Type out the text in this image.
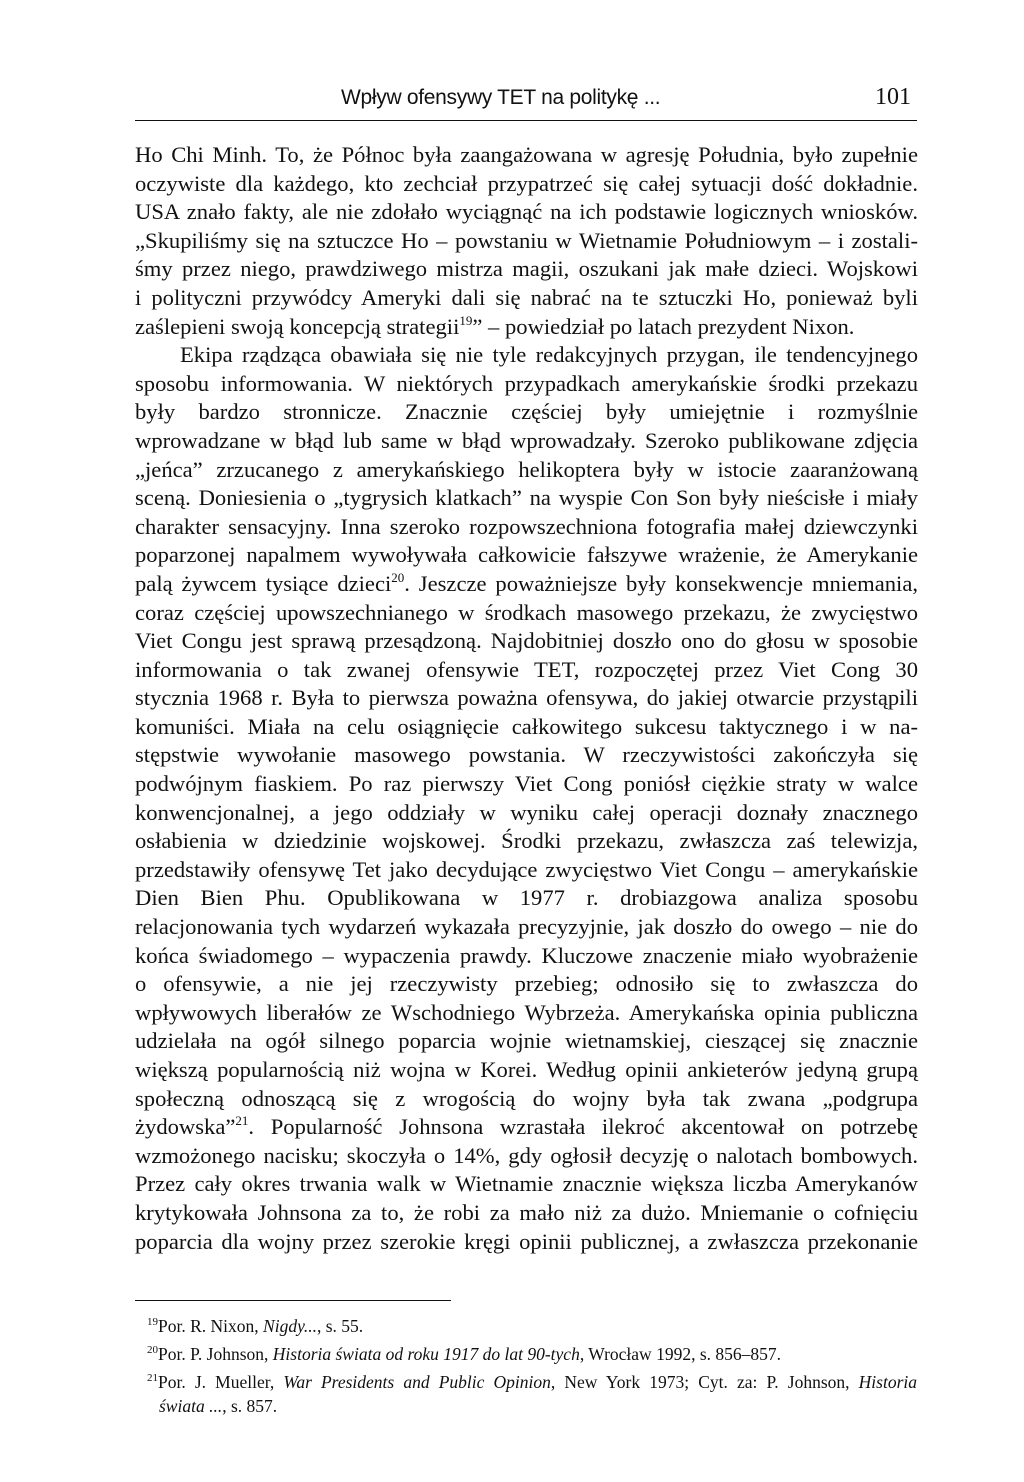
Wpływ ofensywy TET na politykę ...	101

Ho Chi Minh. To, że Północ była zaangażowana w agresję Południa, było zupełnie
oczywiste dla każdego, kto zechciał przypatrzeć się całej sytuacji dość dokładnie.
USA znało fakty, ale nie zdołało wyciągnąć na ich podstawie logicznych wniosków.
„Skupiliśmy się na sztuczce Ho – powstaniu w Wietnamie Południowym – i zostali-
śmy przez niego, prawdziwego mistrza magii, oszukani jak małe dzieci. Wojskowi
i polityczni przywódcy Ameryki dali się nabrać na te sztuczki Ho, ponieważ byli
zaślepieni swoją koncepcją strategii$^{19}$” – powiedział po latach prezydent Nixon.

Ekipa rządząca obawiała się nie tyle redakcyjnych przygan, ile tendencyjnego
sposobu informowania. W niektórych przypadkach amerykańskie środki przekazu
były bardzo stronnicze. Znacznie częściej były umiejętnie i rozmyślnie
wprowadzane w błąd lub same w błąd wprowadzały. Szeroko publikowane zdjęcia
„jeńca” zrzucanego z amerykańskiego helikoptera były w istocie zaaranżowaną
sceną. Doniesienia o „tygrysich klatkach” na wyspie Con Son były nieścisłe i miały
charakter sensacyjny. Inna szeroko rozpowszechniona fotografia małej dziewczynki
poparzonej napalmem wywoływała całkowicie fałszywe wrażenie, że Amerykanie
palą żywcem tysiące dzieci$^{20}$. Jeszcze poważniejsze były konsekwencje mniemania,
coraz częściej upowszechnianego w środkach masowego przekazu, że zwycięstwo
Viet Congu jest sprawą przesądzoną. Najdobitniej doszło ono do głosu w sposobie
informowania o tak zwanej ofensywie TET, rozpoczętej przez Viet Cong 30
stycznia 1968 r. Była to pierwsza poważna ofensywa, do jakiej otwarcie przystąpili
komuniści. Miała na celu osiągnięcie całkowitego sukcesu taktycznego i w na-
stępstwie wywołanie masowego powstania. W rzeczywistości zakończyła się
podwójnym fiaskiem. Po raz pierwszy Viet Cong poniósł ciężkie straty w walce
konwencjonalnej, a jego oddziały w wyniku całej operacji doznały znacznego
osłabienia w dziedzinie wojskowej. Środki przekazu, zwłaszcza zaś telewizja,
przedstawiły ofensywę Tet jako decydujące zwycięstwo Viet Congu – amerykańskie
Dien Bien Phu. Opublikowana w 1977 r. drobiazgowa analiza sposobu
relacjonowania tych wydarzeń wykazała precyzyjnie, jak doszło do owego – nie do
końca świadomego – wypaczenia prawdy. Kluczowe znaczenie miało wyobrażenie
o ofensywie, a nie jej rzeczywisty przebieg; odnosiło się to zwłaszcza do
wpływowych liberałów ze Wschodniego Wybrzeża. Amerykańska opinia publiczna
udzielała na ogół silnego poparcia wojnie wietnamskiej, cieszącej się znacznie
większą popularnością niż wojna w Korei. Według opinii ankieterów jedyną grupą
społeczną odnoszącą się z wrogością do wojny była tak zwana „podgrupa
żydowska”$^{21}$. Popularność Johnsona wzrastała ilekroć akcentował on potrzebę
wzmożonego nacisku; skoczyła o 14%, gdy ogłosił decyzję o nalotach bombowych.
Przez cały okres trwania walk w Wietnamie znacznie większa liczba Amerykanów
krytykowała Johnsona za to, że robi za mało niż za dużo. Mniemanie o cofnięciu
poparcia dla wojny przez szerokie kręgi opinii publicznej, a zwłaszcza przekonanie

$^{19}$Por. R. Nixon, Nigdy..., s. 55.
$^{20}$Por. P. Johnson, Historia świata od roku 1917 do lat 90-tych, Wrocław 1992, s. 856–857.
$^{21}$Por. J. Mueller, War Presidents and Public Opinion, New York 1973; Cyt. za: P. Johnson, Historia
świata ..., s. 857.
